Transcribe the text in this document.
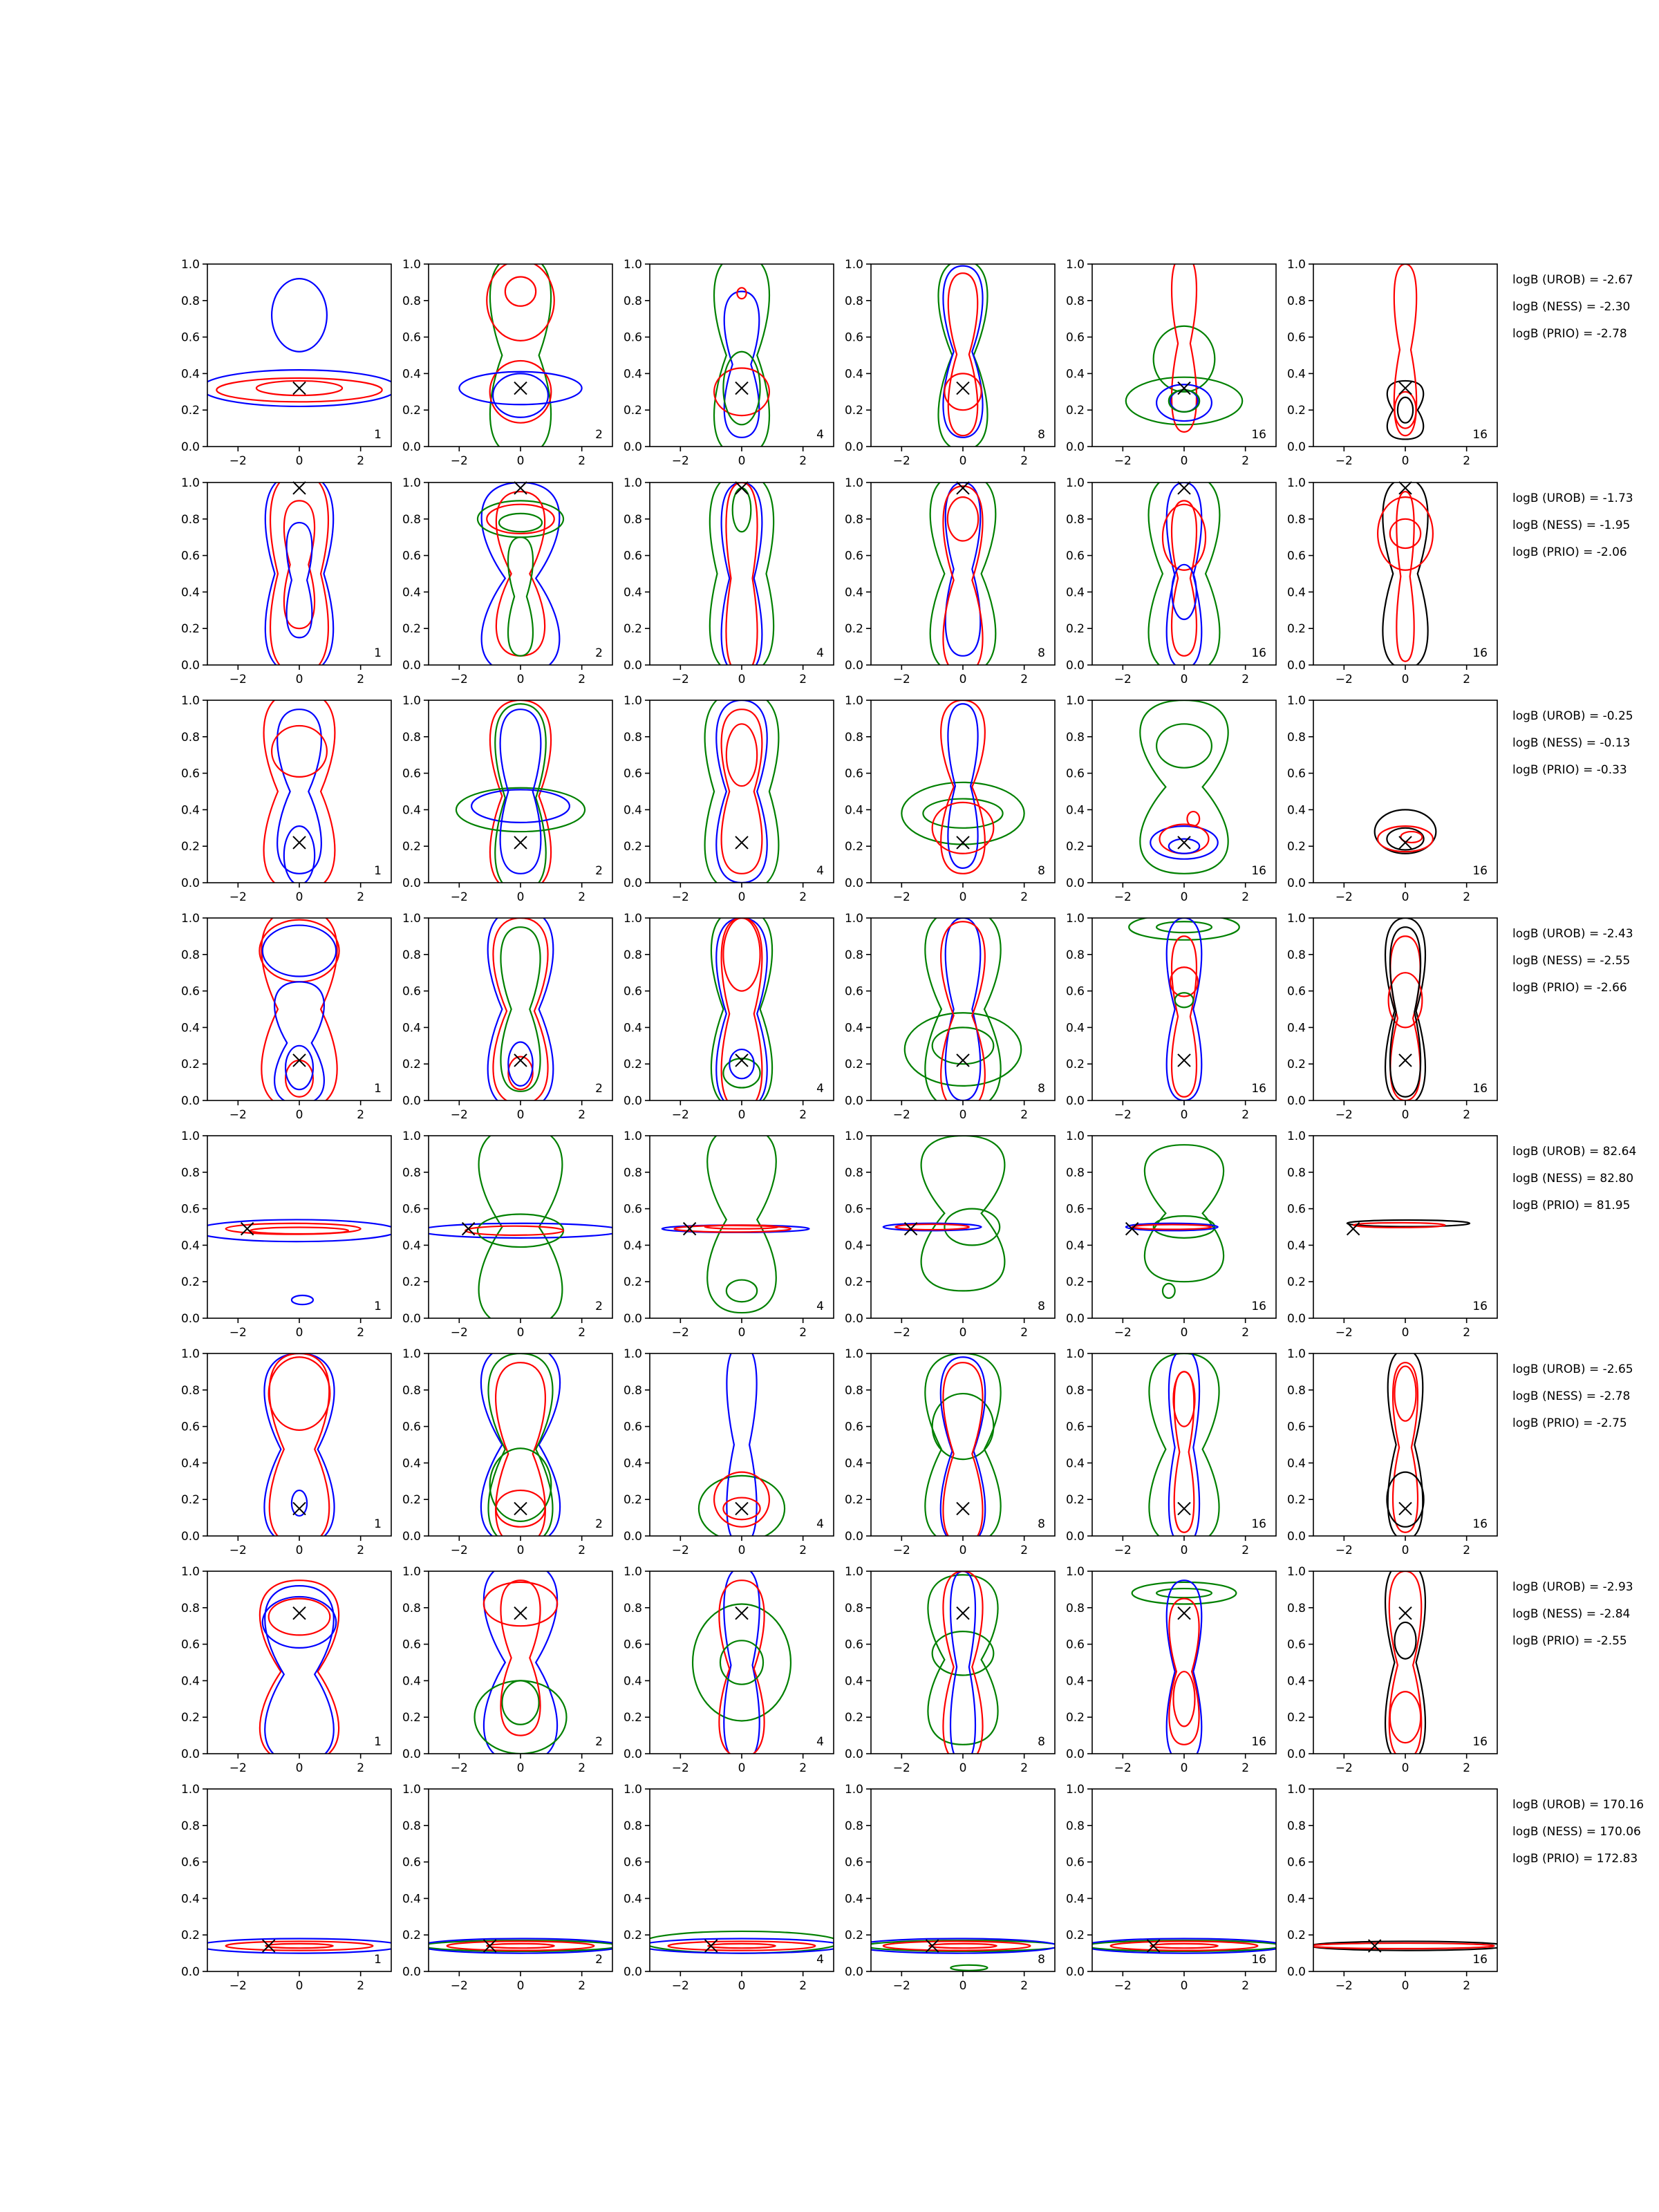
−2	0	2
0.0
0.2
0.4
0.6
0.8
1.0
1
−2	0	2
0.0
0.2
0.4
0.6
0.8
1.0
2
−2	0	2
0.0
0.2
0.4
0.6
0.8
1.0
4
−2	0	2
0.0
0.2
0.4
0.6
0.8
1.0
8
−2	0	2
0.0
0.2
0.4
0.6
0.8
1.0
16
−2	0	2
0.0
0.2
0.4
0.6
0.8
1.0
16
logB (UROB) = -2.67
logB (NESS) = -2.30
logB (PRIO) = -2.78
−2	0	2
0.0
0.2
0.4
0.6
0.8
1.0
1
−2	0	2
0.0
0.2
0.4
0.6
0.8
1.0
2
−2	0	2
0.0
0.2
0.4
0.6
0.8
1.0
4
−2	0	2
0.0
0.2
0.4
0.6
0.8
1.0
8
−2	0	2
0.0
0.2
0.4
0.6
0.8
1.0
16
−2	0	2
0.0
0.2
0.4
0.6
0.8
1.0
16
logB (UROB) = -1.73
logB (NESS) = -1.95
logB (PRIO) = -2.06
−2	0	2
0.0
0.2
0.4
0.6
0.8
1.0
1
−2	0	2
0.0
0.2
0.4
0.6
0.8
1.0
2
−2	0	2
0.0
0.2
0.4
0.6
0.8
1.0
4
−2	0	2
0.0
0.2
0.4
0.6
0.8
1.0
8
−2	0	2
0.0
0.2
0.4
0.6
0.8
1.0
16
−2	0	2
0.0
0.2
0.4
0.6
0.8
1.0
16
logB (UROB) = -0.25
logB (NESS) = -0.13
logB (PRIO) = -0.33
−2	0	2
0.0
0.2
0.4
0.6
0.8
1.0
1
−2	0	2
0.0
0.2
0.4
0.6
0.8
1.0
2
−2	0	2
0.0
0.2
0.4
0.6
0.8
1.0
4
−2	0	2
0.0
0.2
0.4
0.6
0.8
1.0
8
−2	0	2
0.0
0.2
0.4
0.6
0.8
1.0
16
−2	0	2
0.0
0.2
0.4
0.6
0.8
1.0
16
logB (UROB) = -2.43
logB (NESS) = -2.55
logB (PRIO) = -2.66
−2	0	2
0.0
0.2
0.4
0.6
0.8
1.0
1
−2	0	2
0.0
0.2
0.4
0.6
0.8
1.0
2
−2	0	2
0.0
0.2
0.4
0.6
0.8
1.0
4
−2	0	2
0.0
0.2
0.4
0.6
0.8
1.0
8
−2	0	2
0.0
0.2
0.4
0.6
0.8
1.0
16
−2	0	2
0.0
0.2
0.4
0.6
0.8
1.0
16
logB (UROB) = 82.64
logB (NESS) = 82.80
logB (PRIO) = 81.95
−2	0	2
0.0
0.2
0.4
0.6
0.8
1.0
1
−2	0	2
0.0
0.2
0.4
0.6
0.8
1.0
2
−2	0	2
0.0
0.2
0.4
0.6
0.8
1.0
4
−2	0	2
0.0
0.2
0.4
0.6
0.8
1.0
8
−2	0	2
0.0
0.2
0.4
0.6
0.8
1.0
16
−2	0	2
0.0
0.2
0.4
0.6
0.8
1.0
16
logB (UROB) = -2.65
logB (NESS) = -2.78
logB (PRIO) = -2.75
−2	0	2
0.0
0.2
0.4
0.6
0.8
1.0
1
−2	0	2
0.0
0.2
0.4
0.6
0.8
1.0
2
−2	0	2
0.0
0.2
0.4
0.6
0.8
1.0
4
−2	0	2
0.0
0.2
0.4
0.6
0.8
1.0
8
−2	0	2
0.0
0.2
0.4
0.6
0.8
1.0
16
−2	0	2
0.0
0.2
0.4
0.6
0.8
1.0
16
logB (UROB) = -2.93
logB (NESS) = -2.84
logB (PRIO) = -2.55
−2	0	2
0.0
0.2
0.4
0.6
0.8
1.0
1
−2	0	2
0.0
0.2
0.4
0.6
0.8
1.0
2
−2	0	2
0.0
0.2
0.4
0.6
0.8
1.0
4
−2	0	2
0.0
0.2
0.4
0.6
0.8
1.0
8
−2	0	2
0.0
0.2
0.4
0.6
0.8
1.0
16
−2	0	2
0.0
0.2
0.4
0.6
0.8
1.0
16
logB (UROB) = 170.16
logB (NESS) = 170.06
logB (PRIO) = 172.83
